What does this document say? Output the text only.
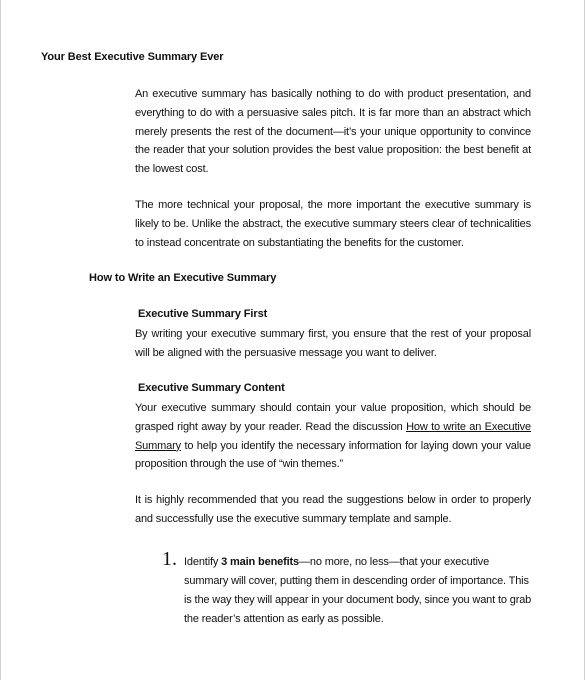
Your Best Executive Summary Ever

An executive summary has basically nothing to do with product presentation, and everything to do with a persuasive sales pitch. It is far more than an abstract which merely presents the rest of the document—it’s your unique opportunity to convince the reader that your solution provides the best value proposition: the best benefit at the lowest cost.

The more technical your proposal, the more important the executive summary is likely to be. Unlike the abstract, the executive summary steers clear of technicalities to instead concentrate on substantiating the benefits for the customer.

How to Write an Executive Summary
Executive Summary First

By writing your executive summary first, you ensure that the rest of your proposal will be aligned with the persuasive message you want to deliver.

Executive Summary Content

Your executive summary should contain your value proposition, which should be grasped right away by your reader. Read the discussion How to write an Executive Summary to help you identify the necessary information for laying down your value proposition through the use of “win themes.”

It is highly recommended that you read the suggestions below in order to properly and successfully use the executive summary template and sample.

1. Identify 3 main benefits—no more, no less—that your executive summary will cover, putting them in descending order of importance. This is the way they will appear in your document body, since you want to grab the reader’s attention as early as possible.
